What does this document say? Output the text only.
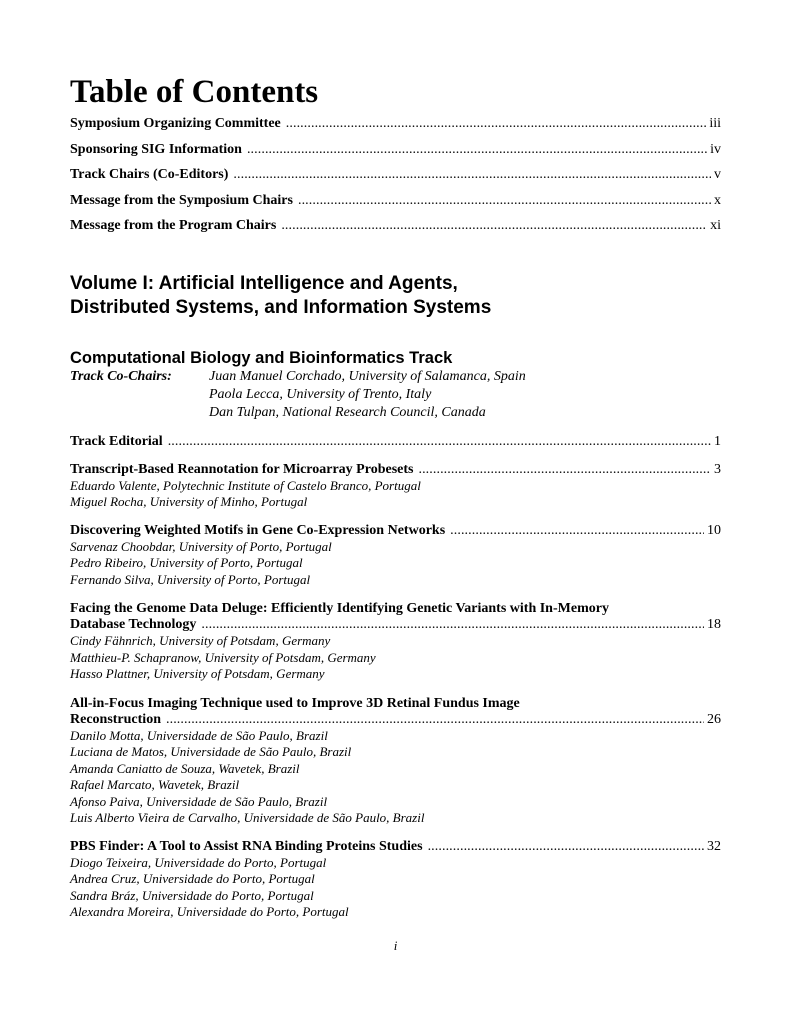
Table of Contents
Symposium Organizing Committee . . .	iii
Sponsoring SIG Information . . .	iv
Track Chairs (Co-Editors) . . .	v
Message from the Symposium Chairs . . .	x
Message from the Program Chairs . . .	xi
Volume I: Artificial Intelligence and Agents,
Distributed Systems, and Information Systems
Computational Biology and Bioinformatics Track
Track Co-Chairs:	Juan Manuel Corchado, University of Salamanca, Spain
Paola Lecca, University of Trento, Italy
Dan Tulpan, National Research Council, Canada
Track Editorial . . .	1
Transcript-Based Reannotation for Microarray Probesets . . .	3
Eduardo Valente, Polytechnic Institute of Castelo Branco, Portugal
Miguel Rocha, University of Minho, Portugal
Discovering Weighted Motifs in Gene Co-Expression Networks . . .	10
Sarvenaz Choobdar, University of Porto, Portugal
Pedro Ribeiro, University of Porto, Portugal
Fernando Silva, University of Porto, Portugal
Facing the Genome Data Deluge: Efficiently Identifying Genetic Variants with In-Memory
Database Technology . . .	18
Cindy Fähnrich, University of Potsdam, Germany
Matthieu-P. Schapranow, University of Potsdam, Germany
Hasso Plattner, University of Potsdam, Germany
All-in-Focus Imaging Technique used to Improve 3D Retinal Fundus Image
Reconstruction . . .	26
Danilo Motta, Universidade de São Paulo, Brazil
Luciana de Matos, Universidade de São Paulo, Brazil
Amanda Caniatto de Souza, Wavetek, Brazil
Rafael Marcato, Wavetek, Brazil
Afonso Paiva, Universidade de São Paulo, Brazil
Luis Alberto Vieira de Carvalho, Universidade de São Paulo, Brazil
PBS Finder: A Tool to Assist RNA Binding Proteins Studies . . .	32
Diogo Teixeira, Universidade do Porto, Portugal
Andrea Cruz, Universidade do Porto, Portugal
Sandra Bráz, Universidade do Porto, Portugal
Alexandra Moreira, Universidade do Porto, Portugal
i
